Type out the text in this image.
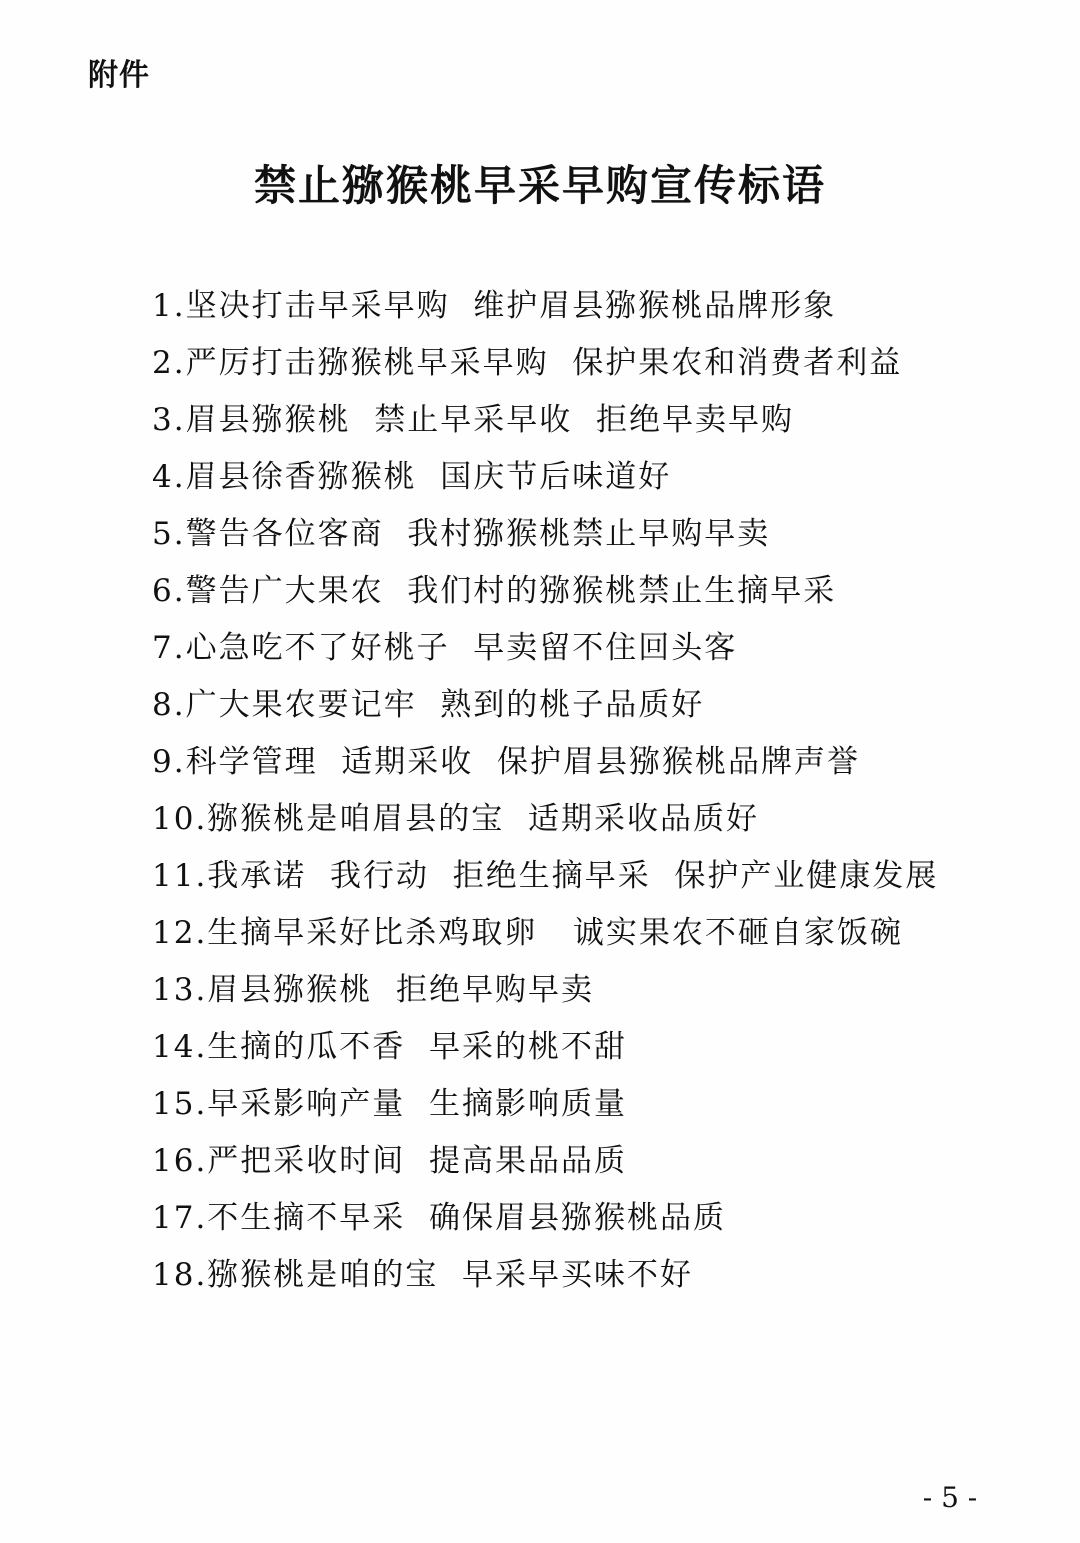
附件
禁止猕猴桃早采早购宣传标语
1.坚决打击早采早购  维护眉县猕猴桃品牌形象
2.严厉打击猕猴桃早采早购  保护果农和消费者利益
3.眉县猕猴桃  禁止早采早收  拒绝早卖早购
4.眉县徐香猕猴桃  国庆节后味道好
5.警告各位客商  我村猕猴桃禁止早购早卖
6.警告广大果农  我们村的猕猴桃禁止生摘早采
7.心急吃不了好桃子  早卖留不住回头客
8.广大果农要记牢  熟到的桃子品质好
9.科学管理  适期采收  保护眉县猕猴桃品牌声誉
10.猕猴桃是咱眉县的宝  适期采收品质好
11.我承诺  我行动  拒绝生摘早采  保护产业健康发展
12.生摘早采好比杀鸡取卵   诚实果农不砸自家饭碗
13.眉县猕猴桃  拒绝早购早卖
14.生摘的瓜不香  早采的桃不甜
15.早采影响产量  生摘影响质量
16.严把采收时间  提高果品品质
17.不生摘不早采  确保眉县猕猴桃品质
18.猕猴桃是咱的宝  早采早买味不好
- 5 -
